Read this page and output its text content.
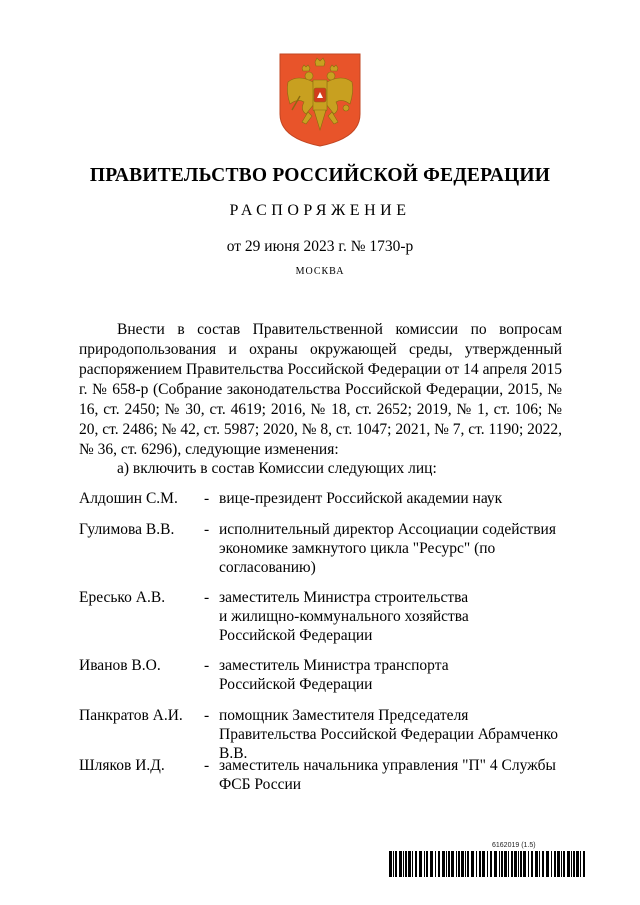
ПРАВИТЕЛЬСТВО РОССИЙСКОЙ ФЕДЕРАЦИИ
РАСПОРЯЖЕНИЕ
от 29 июня 2023 г. № 1730-р
МОСКВА
Внести в состав Правительственной комиссии по вопросам природопользования и охраны окружающей среды, утвержденный распоряжением Правительства Российской Федерации от 14 апреля 2015 г. № 658-р (Собрание законодательства Российской Федерации, 2015, № 16, ст. 2450; № 30, ст. 4619; 2016, № 18, ст. 2652; 2019, № 1, ст. 106; № 20, ст. 2486; № 42, ст. 5987; 2020, № 8, ст. 1047; 2021, № 7, ст. 1190; 2022, № 36, ст. 6296), следующие изменения:
а) включить в состав Комиссии следующих лиц:
Алдошин С.М.	- вице-президент Российской академии наук
Гулимова В.В.	- исполнительный директор Ассоциации содействия экономике замкнутого цикла "Ресурс" (по согласованию)
Ересько А.В.	- заместитель Министра строительства и жилищно-коммунального хозяйства Российской Федерации
Иванов В.О.	- заместитель Министра транспорта Российской Федерации
Панкратов А.И.	- помощник Заместителя Председателя Правительства Российской Федерации Абрамченко В.В.
Шляков И.Д.	- заместитель начальника управления "П" 4 Службы ФСБ России
6162019 (1.5)
